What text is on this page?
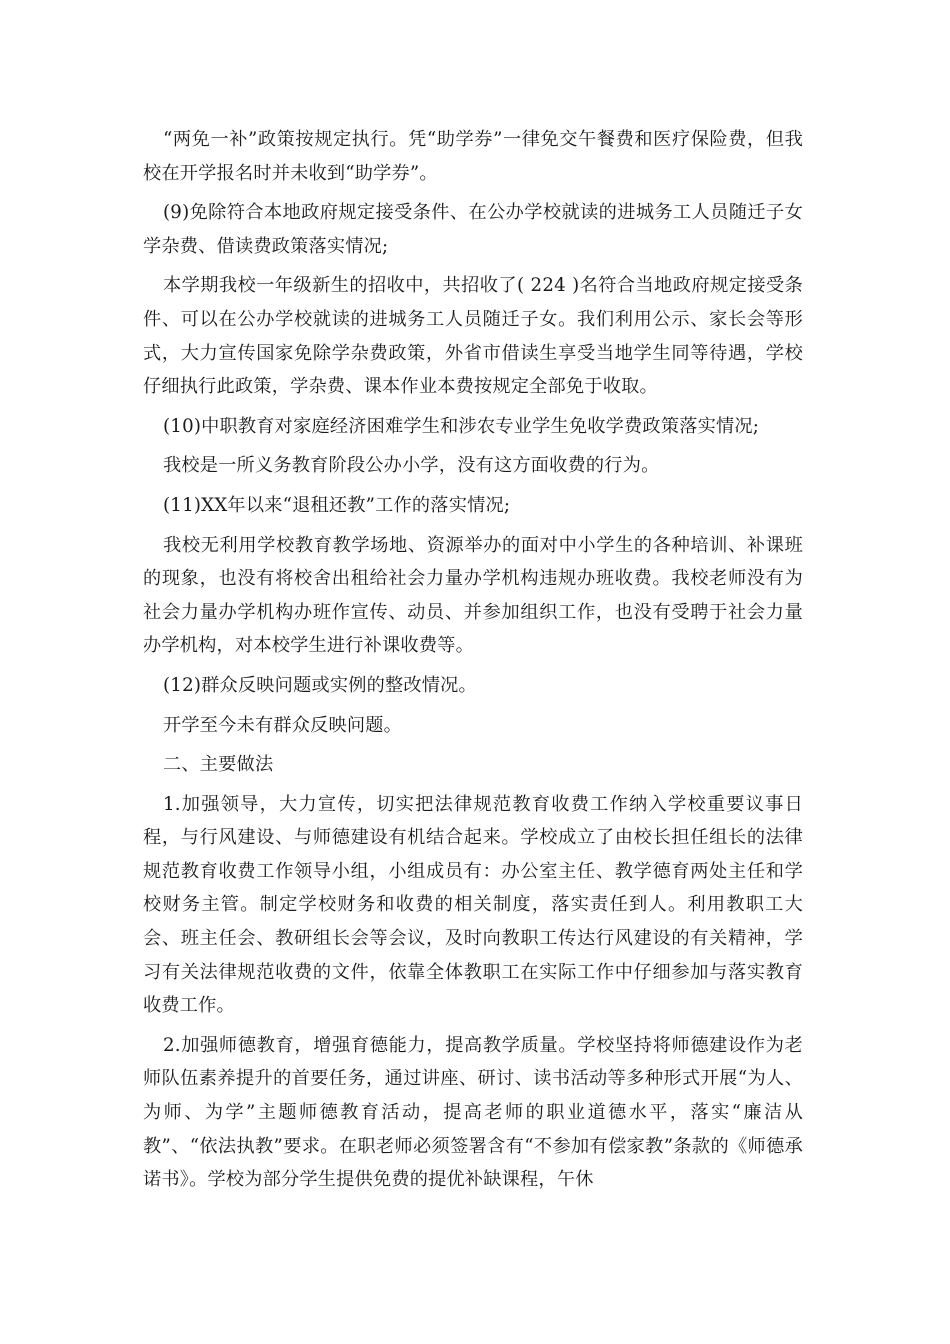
“两免一补”政策按规定执行。凭“助学券”一律免交午餐费和医疗保险费，但我校在开学报名时并未收到“助学券”。

(9)免除符合本地政府规定接受条件、在公办学校就读的进城务工人员随迁子女学杂费、借读费政策落实情况;

本学期我校一年级新生的招收中，共招收了( 224 )名符合当地政府规定接受条件、可以在公办学校就读的进城务工人员随迁子女。我们利用公示、家长会等形式，大力宣传国家免除学杂费政策，外省市借读生享受当地学生同等待遇，学校仔细执行此政策，学杂费、课本作业本费按规定全部免于收取。

(10)中职教育对家庭经济困难学生和涉农专业学生免收学费政策落实情况;

我校是一所义务教育阶段公办小学，没有这方面收费的行为。

(11)XX年以来“退租还教”工作的落实情况;

我校无利用学校教育教学场地、资源举办的面对中小学生的各种培训、补课班的现象，也没有将校舍出租给社会力量办学机构违规办班收费。我校老师没有为社会力量办学机构办班作宣传、动员、并参加组织工作，也没有受聘于社会力量办学机构，对本校学生进行补课收费等。

(12)群众反映问题或实例的整改情况。

开学至今未有群众反映问题。

二、主要做法

1.加强领导，大力宣传，切实把法律规范教育收费工作纳入学校重要议事日程，与行风建设、与师德建设有机结合起来。学校成立了由校长担任组长的法律规范教育收费工作领导小组，小组成员有：办公室主任、教学德育两处主任和学校财务主管。制定学校财务和收费的相关制度，落实责任到人。利用教职工大会、班主任会、教研组长会等会议，及时向教职工传达行风建设的有关精神，学习有关法律规范收费的文件，依靠全体教职工在实际工作中仔细参加与落实教育收费工作。

2.加强师德教育，增强育德能力，提高教学质量。学校坚持将师德建设作为老师队伍素养提升的首要任务，通过讲座、研讨、读书活动等多种形式开展“为人、为师、为学”主题师德教育活动，提高老师的职业道德水平，落实“廉洁从教”、“依法执教”要求。在职老师必须签署含有“不参加有偿家教”条款的《师德承诺书》。学校为部分学生提供免费的提优补缺课程，午休
